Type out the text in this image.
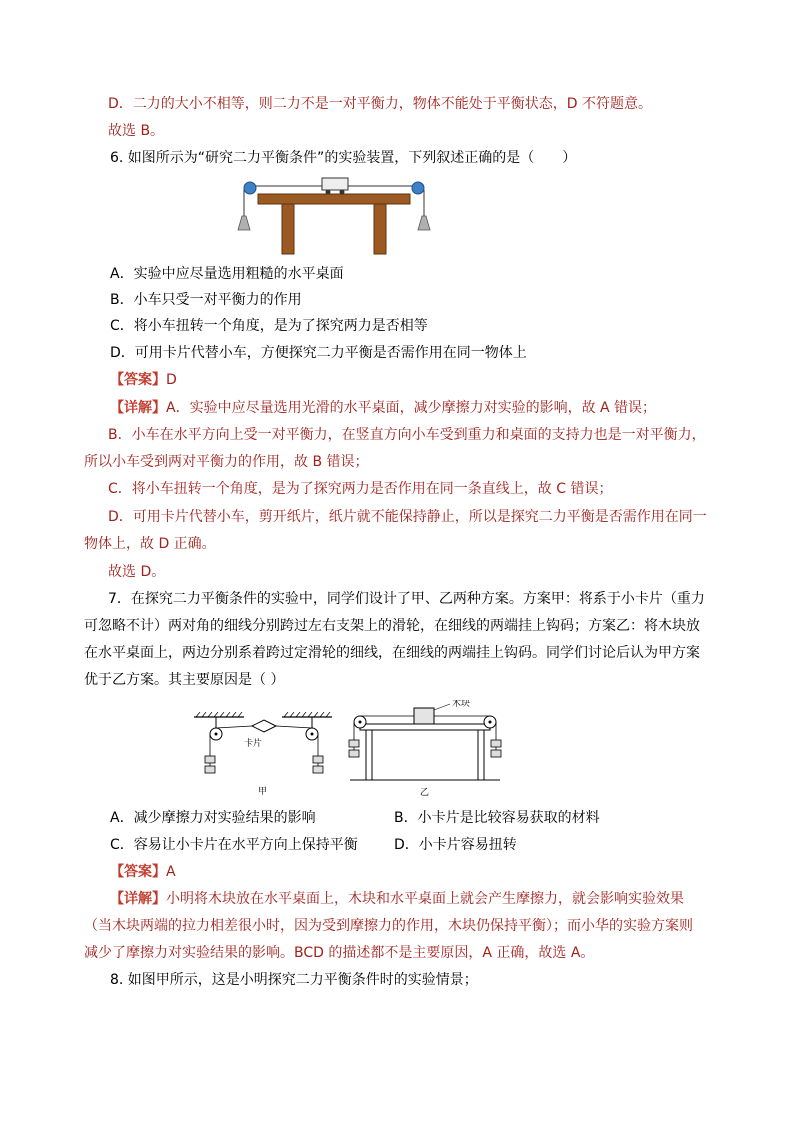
D．二力的大小不相等，则二力不是一对平衡力，物体不能处于平衡状态，D 不符题意。
故选 B。
6. 如图所示为“研究二力平衡条件”的实验装置，下列叙述正确的是（　　）
A．实验中应尽量选用粗糙的水平桌面
B．小车只受一对平衡力的作用
C．将小车扭转一个角度，是为了探究两力是否相等
D．可用卡片代替小车，方便探究二力平衡是否需作用在同一物体上
【答案】D
【详解】A．实验中应尽量选用光滑的水平桌面，减少摩擦力对实验的影响，故 A 错误；
B．小车在水平方向上受一对平衡力，在竖直方向小车受到重力和桌面的支持力也是一对平衡力，
所以小车受到两对平衡力的作用，故 B 错误；
C．将小车扭转一个角度，是为了探究两力是否作用在同一条直线上，故 C 错误；
D．可用卡片代替小车，剪开纸片，纸片就不能保持静止，所以是探究二力平衡是否需作用在同一
物体上，故 D 正确。
故选 D。
7．在探究二力平衡条件的实验中，同学们设计了甲、乙两种方案。方案甲：将系于小卡片（重力
可忽略不计）两对角的细线分别跨过左右支架上的滑轮，在细线的两端挂上钩码；方案乙：将木块放
在水平桌面上，两边分别系着跨过定滑轮的细线，在细线的两端挂上钩码。同学们讨论后认为甲方案
优于乙方案。其主要原因是（ ）
卡片
甲
木块
乙
A．减少摩擦力对实验结果的影响	B．小卡片是比较容易获取的材料
C．容易让小卡片在水平方向上保持平衡	D．小卡片容易扭转
【答案】A
【详解】小明将木块放在水平桌面上，木块和水平桌面上就会产生摩擦力，就会影响实验效果
（当木块两端的拉力相差很小时，因为受到摩擦力的作用，木块仍保持平衡）；而小华的实验方案则
减少了摩擦力对实验结果的影响。BCD 的描述都不是主要原因，A 正确，故选 A。
8. 如图甲所示，这是小明探究二力平衡条件时的实验情景；
